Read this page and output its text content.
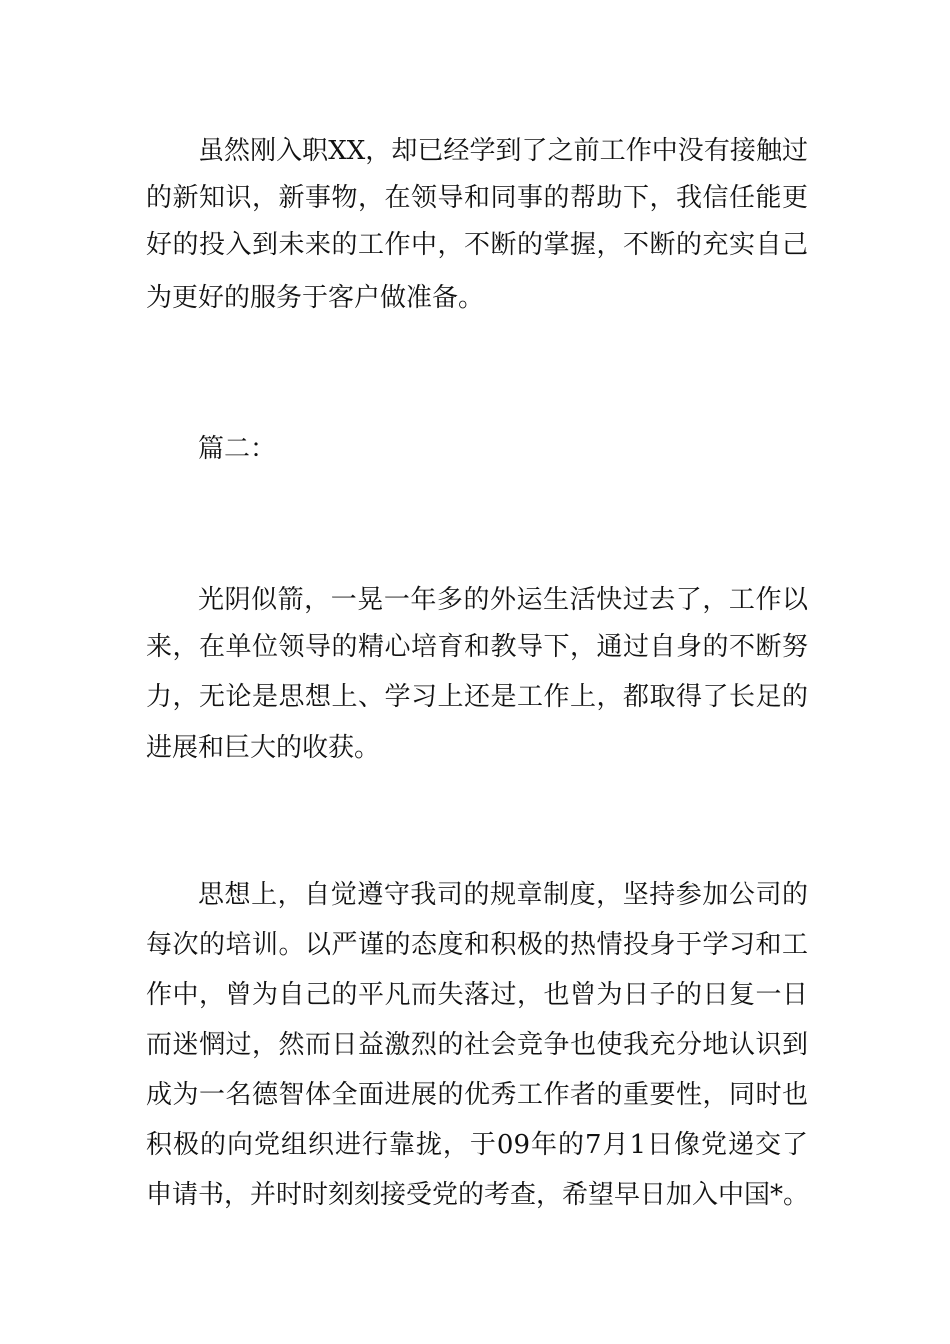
虽然刚入职XX，却已经学到了之前工作中没有接触过
的新知识，新事物，在领导和同事的帮助下，我信任能更
好的投入到未来的工作中，不断的掌握，不断的充实自己
为更好的服务于客户做准备。
篇二：
光阴似箭，一晃一年多的外运生活快过去了，工作以
来，在单位领导的精心培育和教导下，通过自身的不断努
力，无论是思想上、学习上还是工作上，都取得了长足的
进展和巨大的收获。
思想上，自觉遵守我司的规章制度，坚持参加公司的
每次的培训。以严谨的态度和积极的热情投身于学习和工
作中，曾为自己的平凡而失落过，也曾为日子的日复一日
而迷惘过，然而日益激烈的社会竞争也使我充分地认识到
成为一名德智体全面进展的优秀工作者的重要性，同时也
积极的向党组织进行靠拢，于09年的7月1日像党递交了
申请书，并时时刻刻接受党的考查，希望早日加入中国*。
